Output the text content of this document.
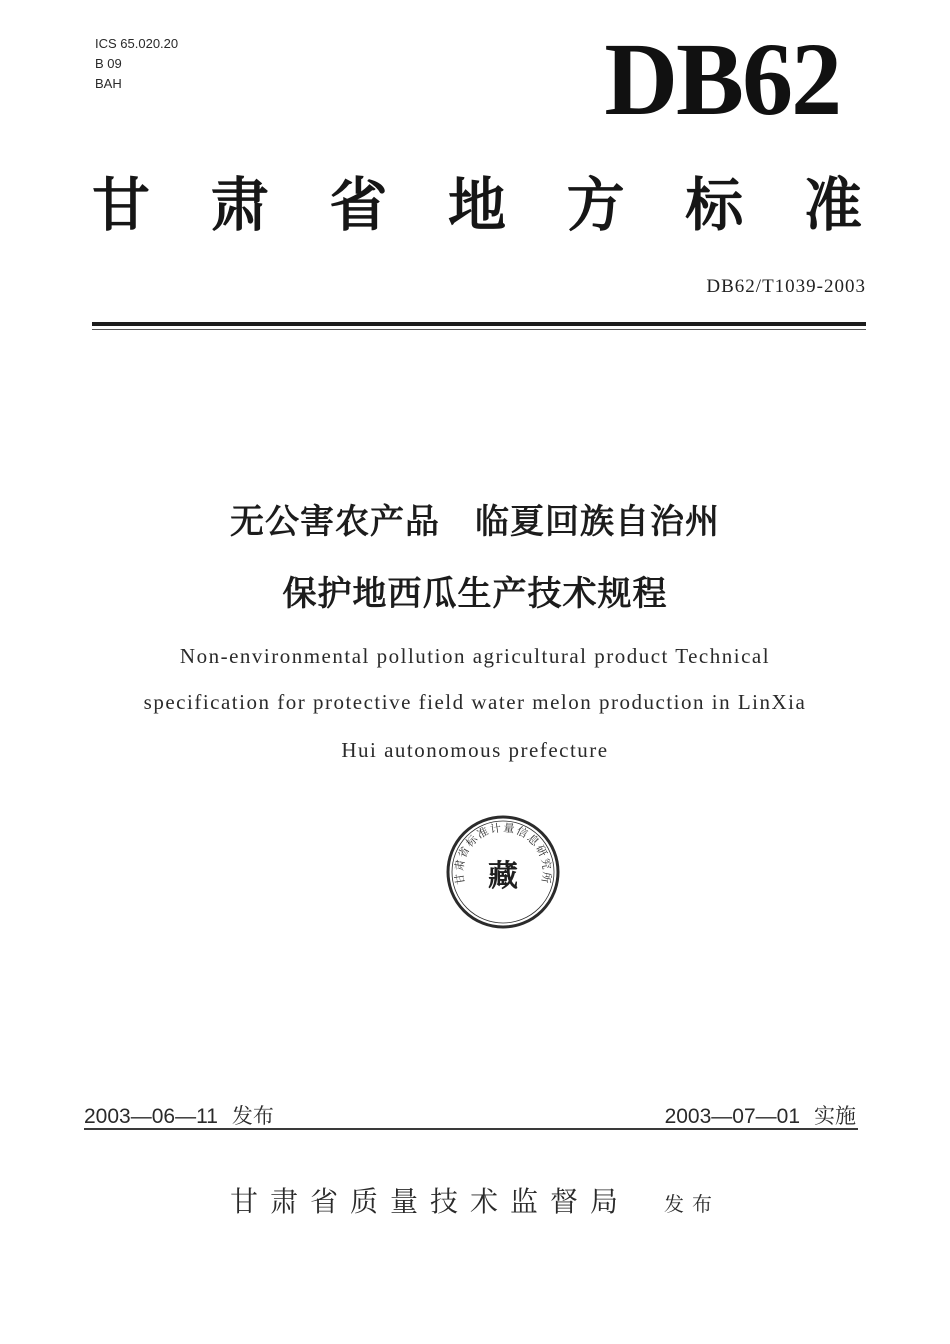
ICS 65.020.20
B 09
BAH	DB62
甘 肃 省 地 方 标 准
DB62/T1039-2003
无公害农产品　临夏回族自治州
保护地西瓜生产技术规程
Non-environmental pollution agricultural product Technical
specification for protective field water melon production in LinXia
Hui autonomous prefecture
甘肃省标准计量信息研究所
藏
2003—06—11 发布	2003—07—01 实施
甘肃省质量技术监督局 发布
